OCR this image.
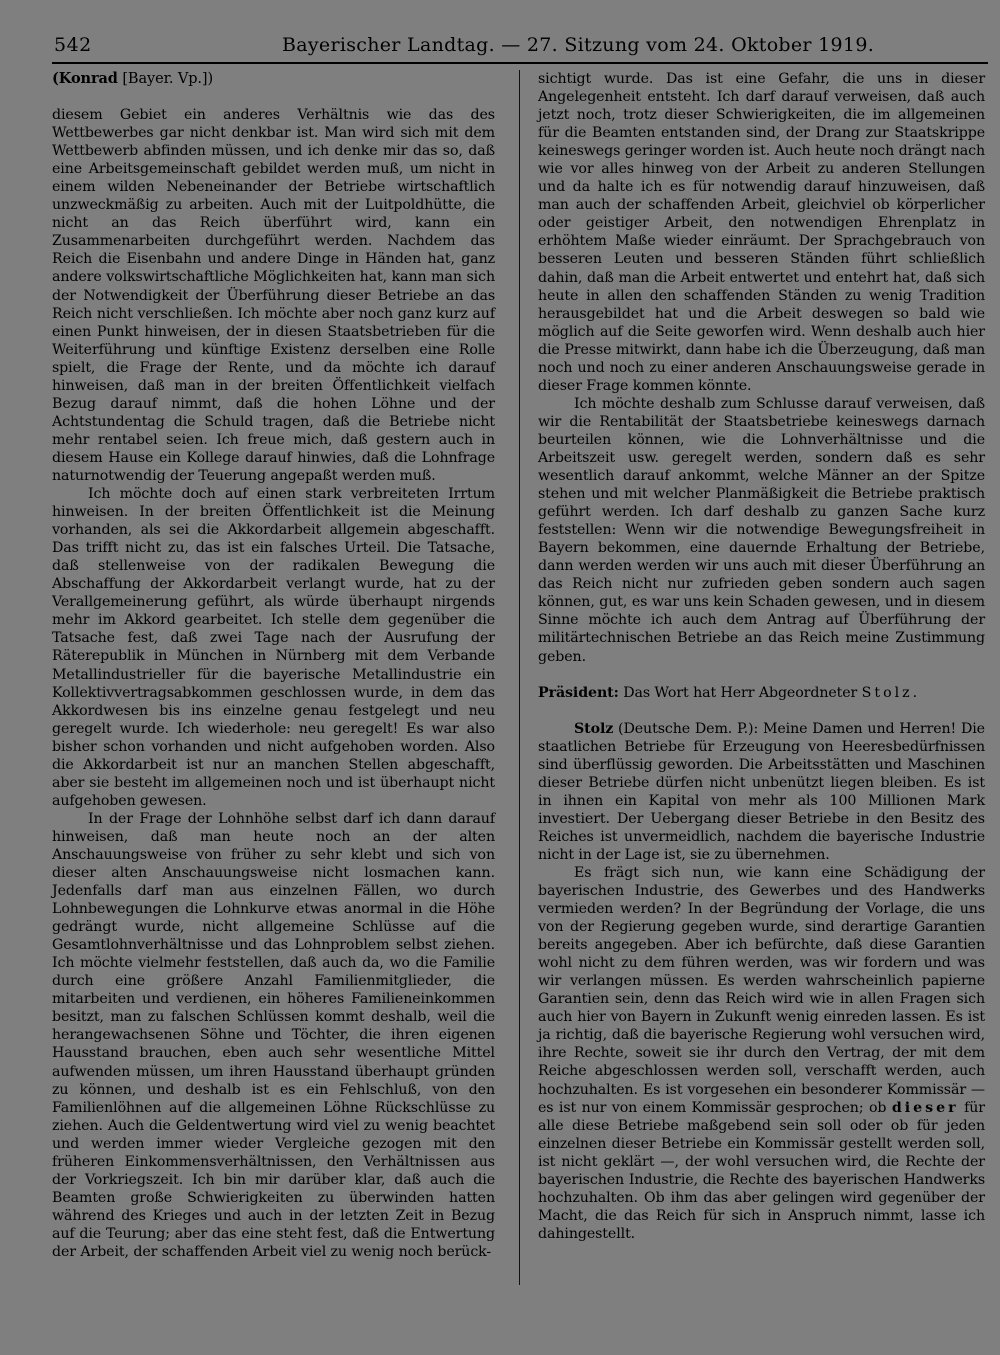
542	Bayerischer Landtag. — 27. Sitzung vom 24. Oktober 1919.

(Konrad [Bayer. Vp.])

diesem Gebiet ein anderes Verhältnis wie das des Wettbewerbes gar nicht denkbar ist. Man wird sich mit dem Wettbewerb abfinden müssen, und ich denke mir das so, daß eine Arbeitsgemeinschaft gebildet werden muß, um nicht in einem wilden Nebeneinander der Betriebe wirtschaftlich unzweckmäßig zu arbeiten. Auch mit der Luitpoldhütte, die nicht an das Reich überführt wird, kann ein Zusammenarbeiten durchgeführt werden. Nachdem das Reich die Eisenbahn und andere Dinge in Händen hat, ganz andere volkswirtschaftliche Möglichkeiten hat, kann man sich der Notwendigkeit der Überführung dieser Betriebe an das Reich nicht verschließen. Ich möchte aber noch ganz kurz auf einen Punkt hinweisen, der in diesen Staatsbetrieben für die Weiterführung und künftige Existenz derselben eine Rolle spielt, die Frage der Rente, und da möchte ich darauf hinweisen, daß man in der breiten Öffentlichkeit vielfach Bezug darauf nimmt, daß die hohen Löhne und der Achtstundentag die Schuld tragen, daß die Betriebe nicht mehr rentabel seien. Ich freue mich, daß gestern auch in diesem Hause ein Kollege darauf hinwies, daß die Lohnfrage naturnotwendig der Teuerung angepaßt werden muß.

Ich möchte doch auf einen stark verbreiteten Irrtum hinweisen. In der breiten Öffentlichkeit ist die Meinung vorhanden, als sei die Akkordarbeit allgemein abgeschafft. Das trifft nicht zu, das ist ein falsches Urteil. Die Tatsache, daß stellenweise von der radikalen Bewegung die Abschaffung der Akkordarbeit verlangt wurde, hat zu der Verallgemeinerung geführt, als würde überhaupt nirgends mehr im Akkord gearbeitet. Ich stelle dem gegenüber die Tatsache fest, daß zwei Tage nach der Ausrufung der Räterepublik in München in Nürnberg mit dem Verbande Metallindustrieller für die bayerische Metallindustrie ein Kollektivvertragsabkommen geschlossen wurde, in dem das Akkordwesen bis ins einzelne genau festgelegt und neu geregelt wurde. Ich wiederhole: neu geregelt! Es war also bisher schon vorhanden und nicht aufgehoben worden. Also die Akkordarbeit ist nur an manchen Stellen abgeschafft, aber sie besteht im allgemeinen noch und ist überhaupt nicht aufgehoben gewesen.

In der Frage der Lohnhöhe selbst darf ich dann darauf hinweisen, daß man heute noch an der alten Anschauungsweise von früher zu sehr klebt und sich von dieser alten Anschauungsweise nicht losmachen kann. Jedenfalls darf man aus einzelnen Fällen, wo durch Lohnbewegungen die Lohnkurve etwas anormal in die Höhe gedrängt wurde, nicht allgemeine Schlüsse auf die Gesamtlohnverhältnisse und das Lohnproblem selbst ziehen. Ich möchte vielmehr feststellen, daß auch da, wo die Familie durch eine größere Anzahl Familienmitglieder, die mitarbeiten und verdienen, ein höheres Familieneinkommen besitzt, man zu falschen Schlüssen kommt deshalb, weil die herangewachsenen Söhne und Töchter, die ihren eigenen Hausstand brauchen, eben auch sehr wesentliche Mittel aufwenden müssen, um ihren Hausstand überhaupt gründen zu können, und deshalb ist es ein Fehlschluß, von den Familienlöhnen auf die allgemeinen Löhne Rückschlüsse zu ziehen. Auch die Geldentwertung wird viel zu wenig beachtet und werden immer wieder Vergleiche gezogen mit den früheren Einkommensverhältnissen, den Verhältnissen aus der Vorkriegszeit. Ich bin mir darüber klar, daß auch die Beamten große Schwierigkeiten zu überwinden hatten während des Krieges und auch in der letzten Zeit in Bezug auf die Teurung; aber das eine steht fest, daß die Entwertung der Arbeit, der schaffenden Arbeit viel zu wenig noch berück-

sichtigt wurde. Das ist eine Gefahr, die uns in dieser Angelegenheit entsteht. Ich darf darauf verweisen, daß auch jetzt noch, trotz dieser Schwierigkeiten, die im allgemeinen für die Beamten entstanden sind, der Drang zur Staatskrippe keineswegs geringer worden ist. Auch heute noch drängt nach wie vor alles hinweg von der Arbeit zu anderen Stellungen und da halte ich es für notwendig darauf hinzuweisen, daß man auch der schaffenden Arbeit, gleichviel ob körperlicher oder geistiger Arbeit, den notwendigen Ehrenplatz in erhöhtem Maße wieder einräumt. Der Sprachgebrauch von besseren Leuten und besseren Ständen führt schließlich dahin, daß man die Arbeit entwertet und entehrt hat, daß sich heute in allen den schaffenden Ständen zu wenig Tradition herausgebildet hat und die Arbeit deswegen so bald wie möglich auf die Seite geworfen wird. Wenn deshalb auch hier die Presse mitwirkt, dann habe ich die Überzeugung, daß man noch und noch zu einer anderen Anschauungsweise gerade in dieser Frage kommen könnte.

Ich möchte deshalb zum Schlusse darauf verweisen, daß wir die Rentabilität der Staatsbetriebe keineswegs darnach beurteilen können, wie die Lohnverhältnisse und die Arbeitszeit usw. geregelt werden, sondern daß es sehr wesentlich darauf ankommt, welche Männer an der Spitze stehen und mit welcher Planmäßigkeit die Betriebe praktisch geführt werden. Ich darf deshalb zu ganzen Sache kurz feststellen: Wenn wir die notwendige Bewegungsfreiheit in Bayern bekommen, eine dauernde Erhaltung der Betriebe, dann werden werden wir uns auch mit dieser Überführung an das Reich nicht nur zufrieden geben sondern auch sagen können, gut, es war uns kein Schaden gewesen, und in diesem Sinne möchte ich auch dem Antrag auf Überführung der militärtechnischen Betriebe an das Reich meine Zustimmung geben.

Präsident: Das Wort hat Herr Abgeordneter Stolz.

Stolz (Deutsche Dem. P.): Meine Damen und Herren! Die staatlichen Betriebe für Erzeugung von Heeresbedürfnissen sind überflüssig geworden. Die Arbeitsstätten und Maschinen dieser Betriebe dürfen nicht unbenützt liegen bleiben. Es ist in ihnen ein Kapital von mehr als 100 Millionen Mark investiert. Der Uebergang dieser Betriebe in den Besitz des Reiches ist unvermeidlich, nachdem die bayerische Industrie nicht in der Lage ist, sie zu übernehmen.

Es frägt sich nun, wie kann eine Schädigung der bayerischen Industrie, des Gewerbes und des Handwerks vermieden werden? In der Begründung der Vorlage, die uns von der Regierung gegeben wurde, sind derartige Garantien bereits angegeben. Aber ich befürchte, daß diese Garantien wohl nicht zu dem führen werden, was wir fordern und was wir verlangen müssen. Es werden wahrscheinlich papierne Garantien sein, denn das Reich wird wie in allen Fragen sich auch hier von Bayern in Zukunft wenig einreden lassen. Es ist ja richtig, daß die bayerische Regierung wohl versuchen wird, ihre Rechte, soweit sie ihr durch den Vertrag, der mit dem Reiche abgeschlossen werden soll, verschafft werden, auch hochzuhalten. Es ist vorgesehen ein besonderer Kommissär — es ist nur von einem Kommissär gesprochen; ob dieser für alle diese Betriebe maßgebend sein soll oder ob für jeden einzelnen dieser Betriebe ein Kommissär gestellt werden soll, ist nicht geklärt —, der wohl versuchen wird, die Rechte der bayerischen Industrie, die Rechte des bayerischen Handwerks hochzuhalten. Ob ihm das aber gelingen wird gegenüber der Macht, die das Reich für sich in Anspruch nimmt, lasse ich dahingestellt.
